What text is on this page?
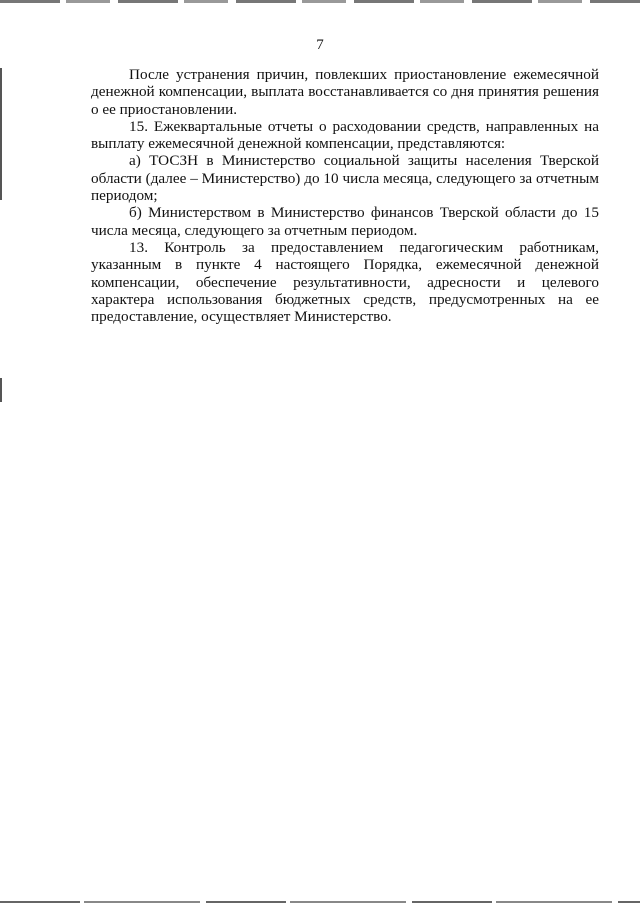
7

После устранения причин, повлекших приостановление ежемесячной денежной компенсации, выплата восстанавливается со дня принятия решения о ее приостановлении.

15. Ежеквартальные отчеты о расходовании средств, направленных на выплату ежемесячной денежной компенсации, представляются:

а) ТОСЗН в Министерство социальной защиты населения Тверской области (далее – Министерство) до 10 числа месяца, следующего за отчетным периодом;

б) Министерством в Министерство финансов Тверской области до 15 числа месяца, следующего за отчетным периодом.

13. Контроль за предоставлением педагогическим работникам, указанным в пункте 4 настоящего Порядка, ежемесячной денежной компенсации, обеспечение результативности, адресности и целевого характера использования бюджетных средств, предусмотренных на ее предоставление, осуществляет Министерство.
